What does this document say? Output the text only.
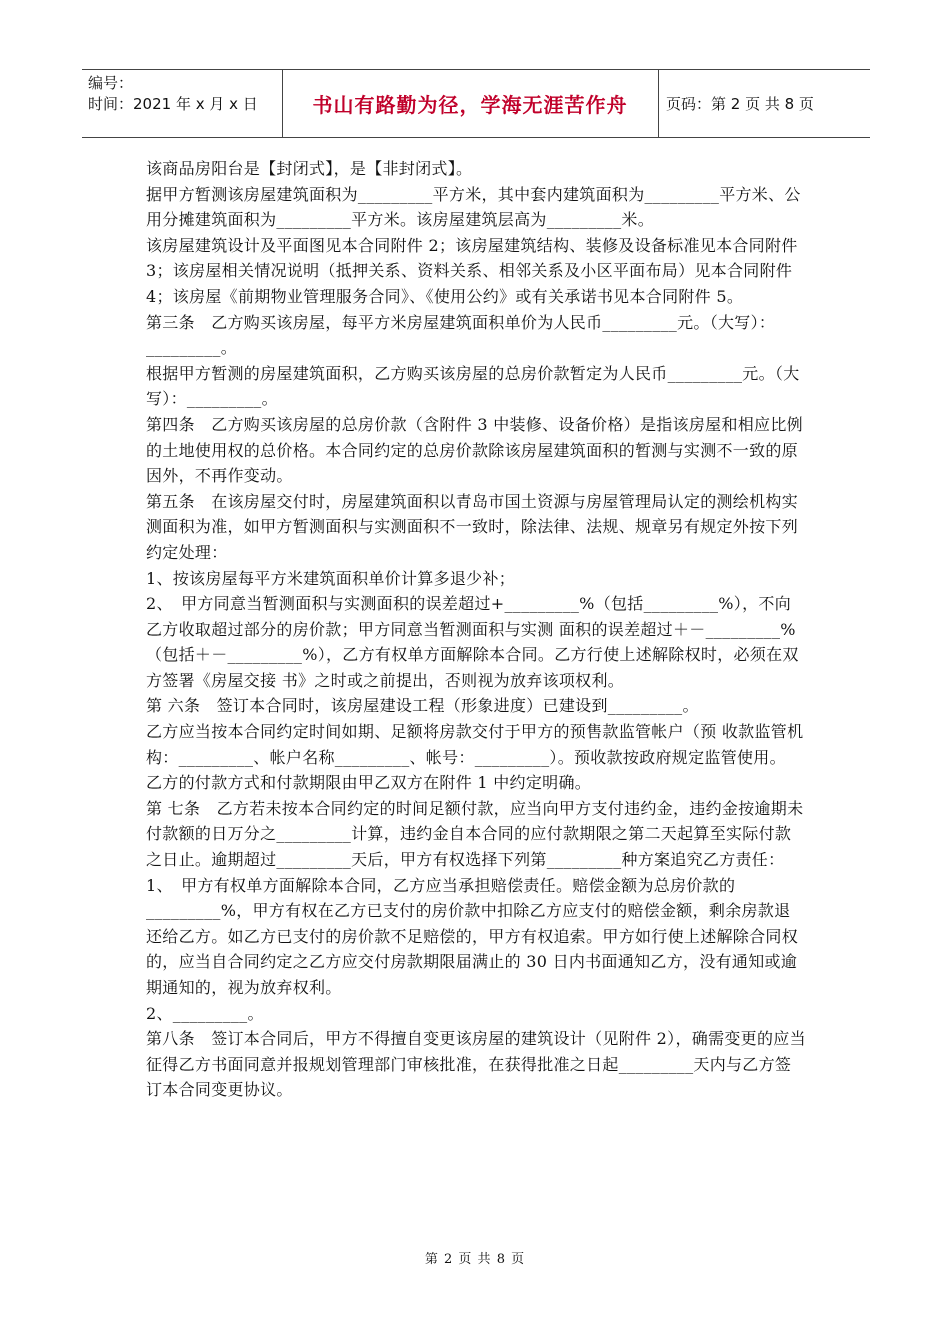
编号：
时间：2021 年 x 月 x 日	书山有路勤为径，学海无涯苦作舟	页码：第 2 页 共 8 页

该商品房阳台是【封闭式】，是【非封闭式】。

据甲方暂测该房屋建筑面积为_________平方米，其中套内建筑面积为_________平方米、公用分摊建筑面积为_________平方米。该房屋建筑层高为_________米。

该房屋建筑设计及平面图见本合同附件 2；该房屋建筑结构、装修及设备标准见本合同附件 3；该房屋相关情况说明（抵押关系、资料关系、相邻关系及小区平面布局）见本合同附件 4；该房屋《前期物业管理服务合同》、《使用公约》或有关承诺书见本合同附件 5。

第三条　乙方购买该房屋，每平方米房屋建筑面积单价为人民币_________元。（大写）：_________。

根据甲方暂测的房屋建筑面积，乙方购买该房屋的总房价款暂定为人民币_________元。（大写）：_________。

第四条　乙方购买该房屋的总房价款（含附件 3 中装修、设备价格）是指该房屋和相应比例的土地使用权的总价格。本合同约定的总房价款除该房屋建筑面积的暂测与实测不一致的原因外，不再作变动。

第五条　在该房屋交付时，房屋建筑面积以青岛市国土资源与房屋管理局认定的测绘机构实测面积为准，如甲方暂测面积与实测面积不一致时，除法律、法规、规章另有规定外按下列约定处理：

1、按该房屋每平方米建筑面积单价计算多退少补；

2、　甲方同意当暂测面积与实测面积的误差超过+_________%（包括_________%），不向乙方收取超过部分的房价款；甲方同意当暂测面积与实测 面积的误差超过＋－_________%（包括＋－_________%），乙方有权单方面解除本合同。乙方行使上述解除权时，必须在双方签署《房屋交接 书》之时或之前提出，否则视为放弃该项权利。

第 六条　签订本合同时，该房屋建设工程（形象进度）已建设到_________。

乙方应当按本合同约定时间如期、足额将房款交付于甲方的预售款监管帐户（预 收款监管机构：_________、帐户名称_________、帐号：_________）。预收款按政府规定监管使用。

乙方的付款方式和付款期限由甲乙双方在附件 1 中约定明确。

第 七条　乙方若未按本合同约定的时间足额付款，应当向甲方支付违约金，违约金按逾期未付款额的日万分之_________计算，违约金自本合同的应付款期限之第二天起算至实际付款之日止。逾期超过_________天后，甲方有权选择下列第_________种方案追究乙方责任：

1、　甲方有权单方面解除本合同，乙方应当承担赔偿责任。赔偿金额为总房价款的_________%，甲方有权在乙方已支付的房价款中扣除乙方应支付的赔偿金额，剩余房款退还给乙方。如乙方已支付的房价款不足赔偿的，甲方有权追索。甲方如行使上述解除合同权的，应当自合同约定之乙方应交付房款期限届满止的 30 日内书面通知乙方，没有通知或逾期通知的，视为放弃权利。

2、_________。

第八条　签订本合同后，甲方不得擅自变更该房屋的建筑设计（见附件 2），确需变更的应当征得乙方书面同意并报规划管理部门审核批准，在获得批准之日起_________天内与乙方签订本合同变更协议。

第 2 页 共 8 页
